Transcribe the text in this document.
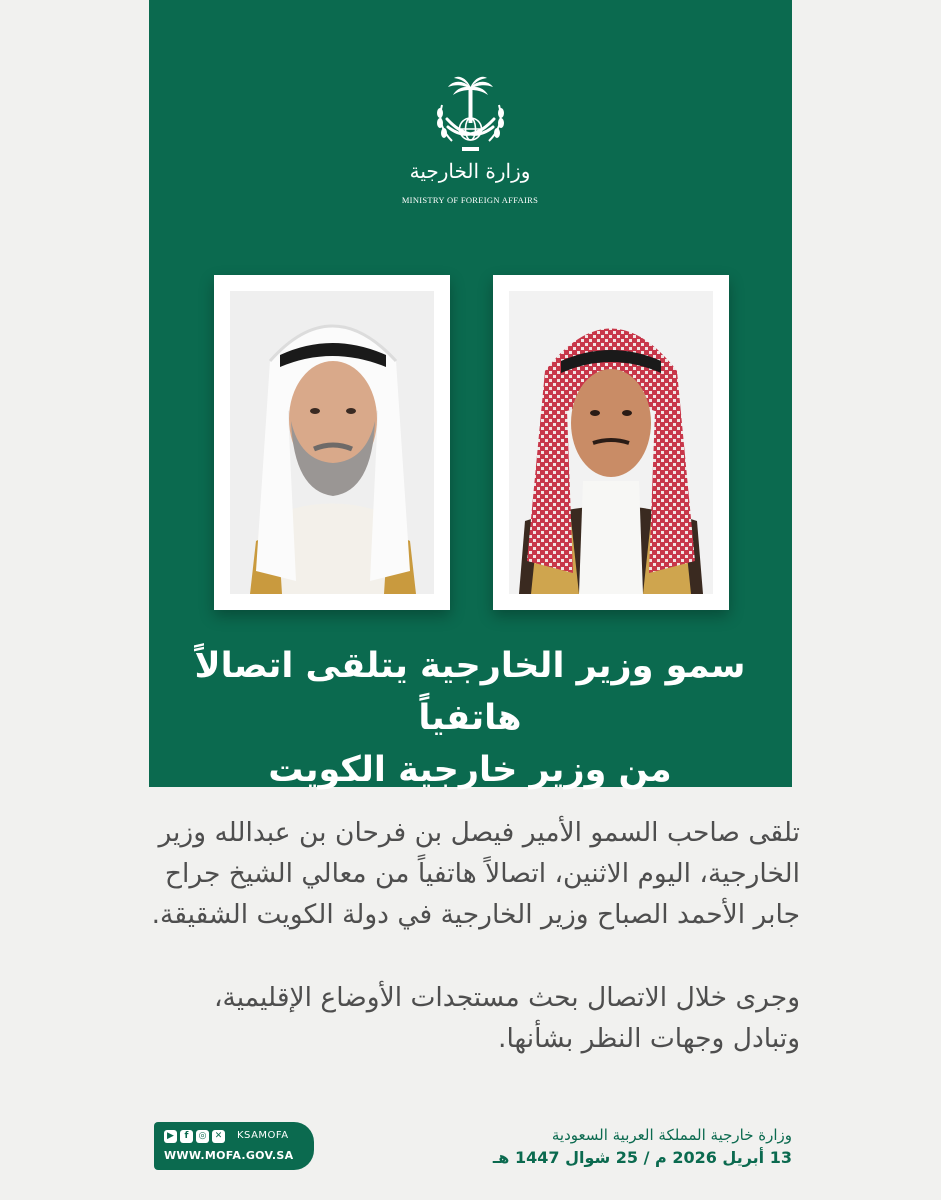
وزارة الخارجية
MINISTRY OF FOREIGN AFFAIRS
سمو وزير الخارجية يتلقى اتصالاً هاتفياً
من وزير خارجية الكويت

تلقى صاحب السمو الأمير فيصل بن فرحان بن عبدالله وزير الخارجية، اليوم الاثنين، اتصالاً هاتفياً من معالي الشيخ جراح جابر الأحمد الصباح وزير الخارجية في دولة الكويت الشقيقة.

وجرى خلال الاتصال بحث مستجدات الأوضاع الإقليمية، وتبادل وجهات النظر بشأنها.

وزارة خارجية المملكة العربية السعودية
13 أبريل 2026 م / 25 شوال 1447 هـ
▶	f	◎ ✕ KSAMOFA
WWW.MOFA.GOV.SA
